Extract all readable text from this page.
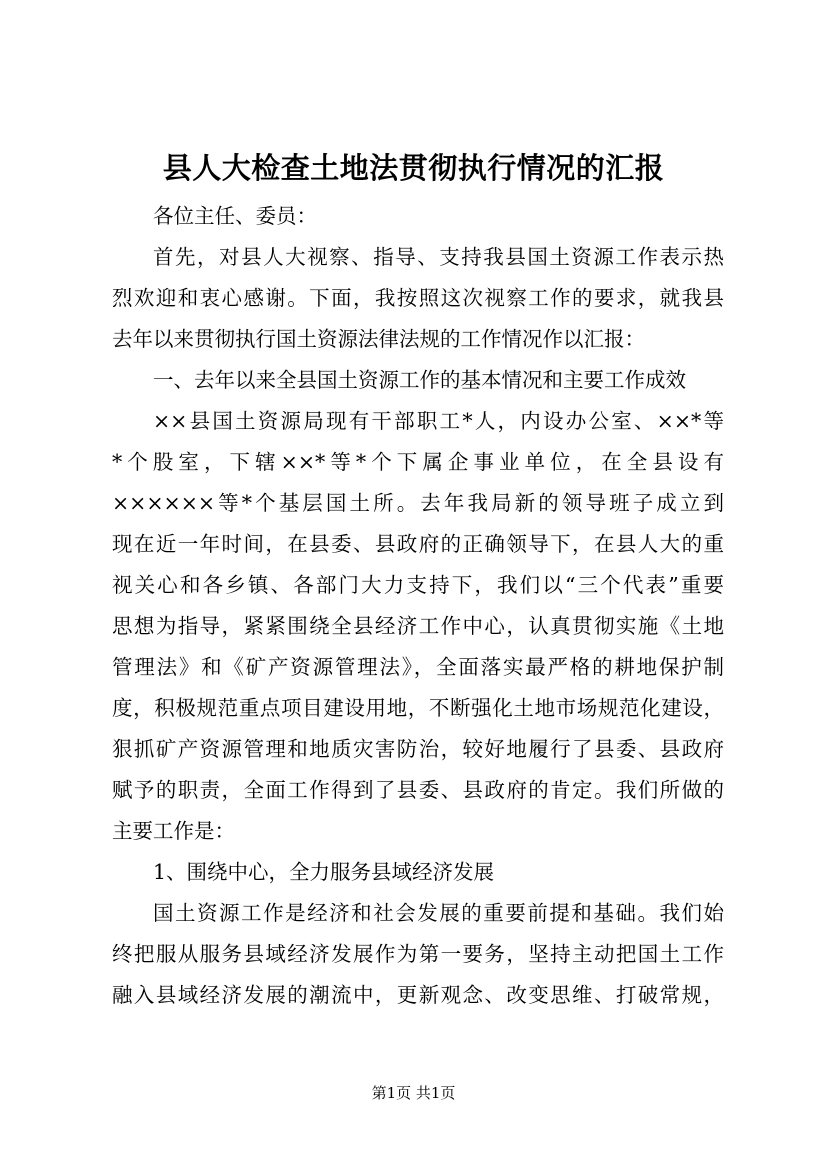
县人大检查土地法贯彻执行情况的汇报
各位主任、委员：
首先，对县人大视察、指导、支持我县国土资源工作表示热
烈欢迎和衷心感谢。下面，我按照这次视察工作的要求，就我县
去年以来贯彻执行国土资源法律法规的工作情况作以汇报：
一、去年以来全县国土资源工作的基本情况和主要工作成效
××县国土资源局现有干部职工*人，内设办公室、××*等
*个股室，下辖××*等*个下属企事业单位，在全县设有
××××××等*个基层国土所。去年我局新的领导班子成立到
现在近一年时间，在县委、县政府的正确领导下，在县人大的重
视关心和各乡镇、各部门大力支持下，我们以“三个代表”重要
思想为指导，紧紧围绕全县经济工作中心，认真贯彻实施《土地
管理法》和《矿产资源管理法》，全面落实最严格的耕地保护制
度，积极规范重点项目建设用地，不断强化土地市场规范化建设，
狠抓矿产资源管理和地质灾害防治，较好地履行了县委、县政府
赋予的职责，全面工作得到了县委、县政府的肯定。我们所做的
主要工作是：
1、围绕中心，全力服务县域经济发展
国土资源工作是经济和社会发展的重要前提和基础。我们始
终把服从服务县域经济发展作为第一要务，坚持主动把国土工作
融入县域经济发展的潮流中，更新观念、改变思维、打破常规，
第1页 共1页
